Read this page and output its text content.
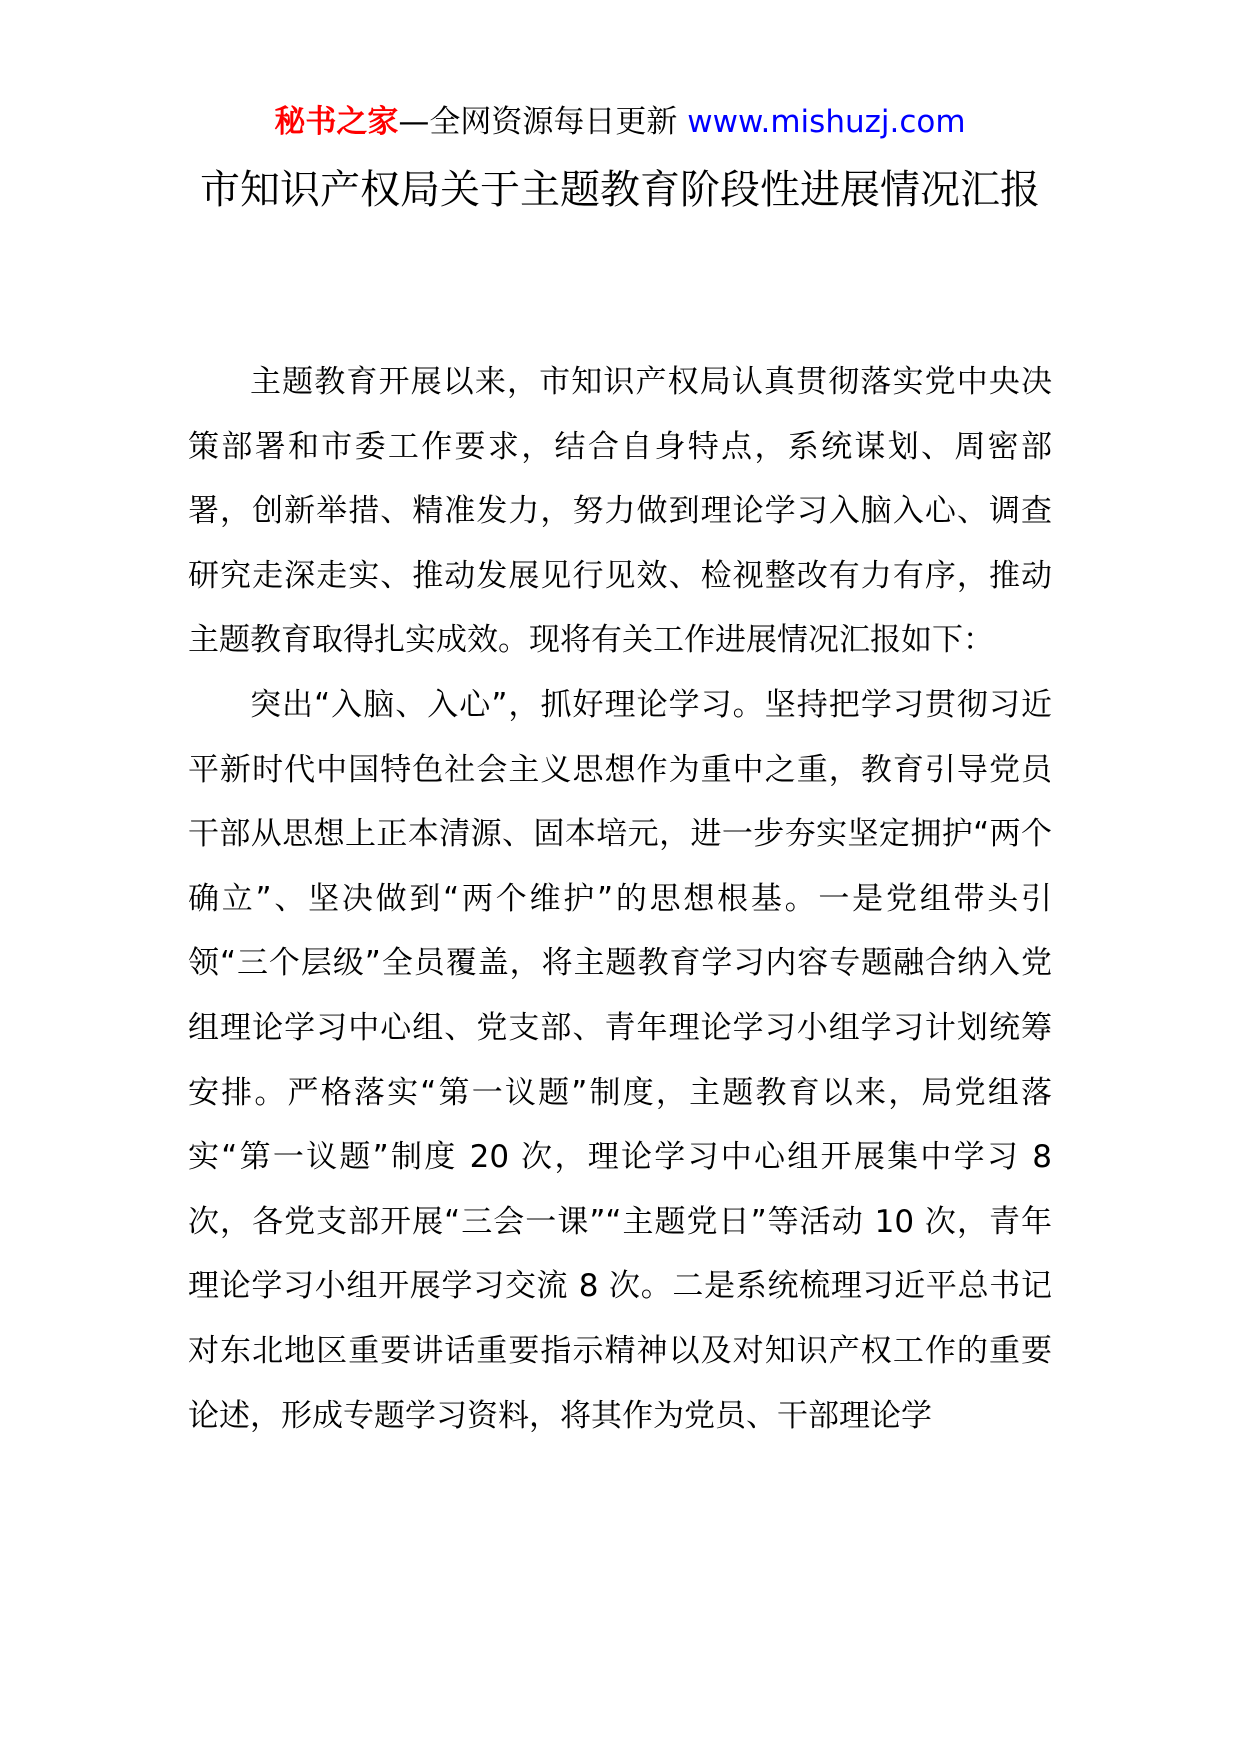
秘书之家—全网资源每日更新 www.mishuzj.com
市知识产权局关于主题教育阶段性进展情况汇报

主题教育开展以来，市知识产权局认真贯彻落实党中央决策部署和市委工作要求，结合自身特点，系统谋划、周密部署，创新举措、精准发力，努力做到理论学习入脑入心、调查研究走深走实、推动发展见行见效、检视整改有力有序，推动主题教育取得扎实成效。现将有关工作进展情况汇报如下：

突出“入脑、入心”，抓好理论学习。坚持把学习贯彻习近平新时代中国特色社会主义思想作为重中之重，教育引导党员干部从思想上正本清源、固本培元，进一步夯实坚定拥护“两个确立”、坚决做到“两个维护”的思想根基。一是党组带头引领“三个层级”全员覆盖，将主题教育学习内容专题融合纳入党组理论学习中心组、党支部、青年理论学习小组学习计划统筹安排。严格落实“第一议题”制度，主题教育以来，局党组落实“第一议题”制度 20 次，理论学习中心组开展集中学习 8 次，各党支部开展“三会一课”“主题党日”等活动 10 次，青年理论学习小组开展学习交流 8 次。二是系统梳理习近平总书记对东北地区重要讲话重要指示精神以及对知识产权工作的重要论述，形成专题学习资料，将其作为党员、干部理论学
